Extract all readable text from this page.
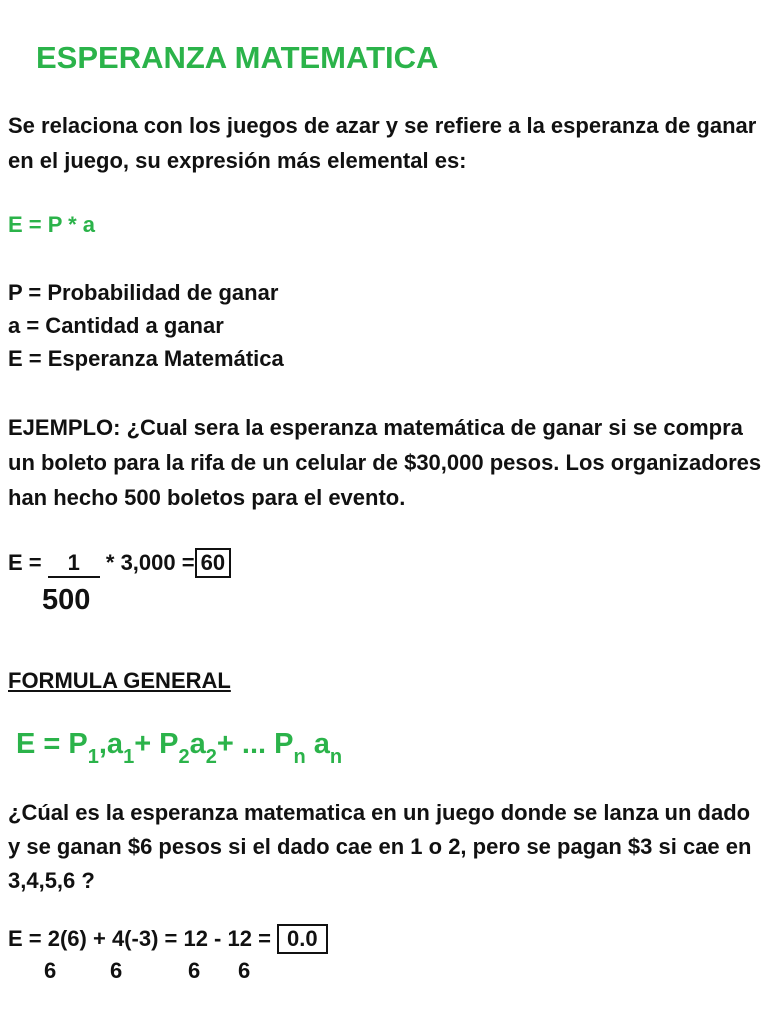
ESPERANZA MATEMATICA
Se relaciona con los juegos de azar y se refiere a la esperanza de ganar en el juego, su expresión más elemental es:
E = P * a
P = Probabilidad de ganar
a = Cantidad a ganar
E = Esperanza Matemática
EJEMPLO: ¿Cual sera la esperanza matemática de ganar si se compra un boleto para la rifa de un celular de $30,000 pesos. Los organizadores han hecho 500 boletos para el evento.
E = 1 * 3,000 = 60
500
FORMULA GENERAL
$E = P_1,a_1+ P_2a_2+$ ... $P_n$ $a_n$
¿Cúal es la esperanza matematica en un juego donde se lanza un dado y se ganan $6 pesos si el dado cae en 1 o 2, pero se pagan $3 si cae en 3,4,5,6 ?
E = 2(6) + 4(-3) = 12 - 12 = 0.0
6 6	6 6
